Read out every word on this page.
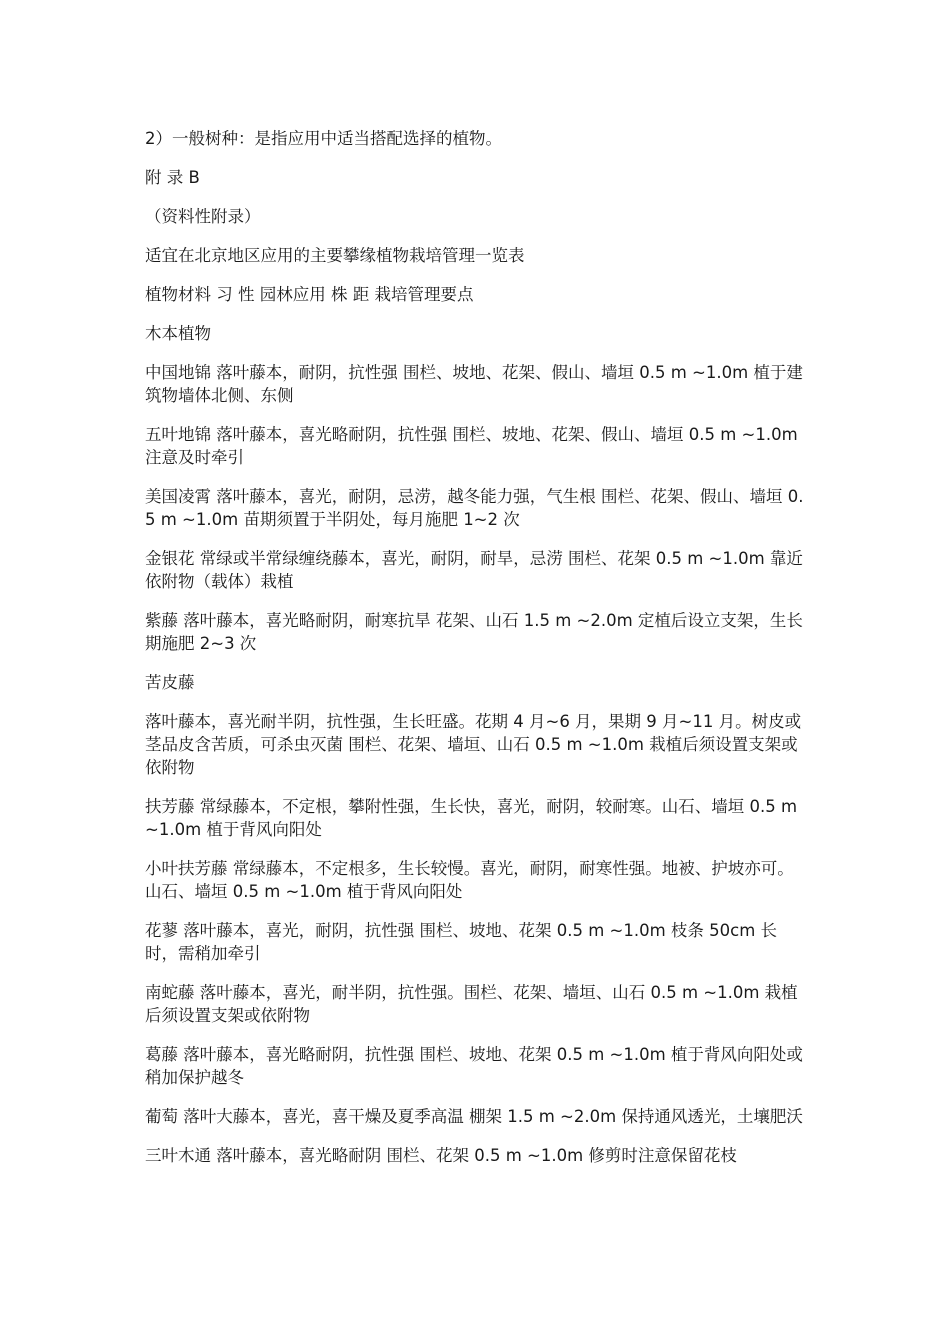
2）一般树种：是指应用中适当搭配选择的植物。

附 录 B

（资料性附录）

适宜在北京地区应用的主要攀缘植物栽培管理一览表

植物材料 习 性 园林应用 株 距 栽培管理要点

木本植物

中国地锦 落叶藤本，耐阴，抗性强 围栏、坡地、花架、假山、墙垣 0.5 m ~1.0m 植于建筑物墙体北侧、东侧

五叶地锦 落叶藤本，喜光略耐阴，抗性强 围栏、坡地、花架、假山、墙垣 0.5 m ~1.0m 注意及时牵引

美国凌霄 落叶藤本，喜光，耐阴，忌涝，越冬能力强，气生根 围栏、花架、假山、墙垣 0.5 m ~1.0m 苗期须置于半阴处，每月施肥 1~2 次

金银花 常绿或半常绿缠绕藤本，喜光，耐阴，耐旱，忌涝 围栏、花架 0.5 m ~1.0m 靠近依附物（载体）栽植

紫藤 落叶藤本，喜光略耐阴，耐寒抗旱 花架、山石 1.5 m ~2.0m 定植后设立支架，生长期施肥 2~3 次

苦皮藤

落叶藤本，喜光耐半阴，抗性强，生长旺盛。花期 4 月~6 月，果期 9 月~11 月。树皮或茎品皮含苦质，可杀虫灭菌 围栏、花架、墙垣、山石 0.5 m ~1.0m 栽植后须设置支架或依附物

扶芳藤 常绿藤本，不定根，攀附性强，生长快，喜光，耐阴，较耐寒。山石、墙垣 0.5 m ~1.0m 植于背风向阳处

小叶扶芳藤 常绿藤本，不定根多，生长较慢。喜光，耐阴，耐寒性强。地被、护坡亦可。山石、墙垣 0.5 m ~1.0m 植于背风向阳处

花蓼 落叶藤本，喜光，耐阴，抗性强 围栏、坡地、花架 0.5 m ~1.0m 枝条 50cm 长时，需稍加牵引

南蛇藤 落叶藤本，喜光，耐半阴，抗性强。围栏、花架、墙垣、山石 0.5 m ~1.0m 栽植后须设置支架或依附物

葛藤 落叶藤本，喜光略耐阴，抗性强 围栏、坡地、花架 0.5 m ~1.0m 植于背风向阳处或稍加保护越冬

葡萄 落叶大藤本，喜光，喜干燥及夏季高温 棚架 1.5 m ~2.0m 保持通风透光，土壤肥沃

三叶木通 落叶藤本，喜光略耐阴 围栏、花架 0.5 m ~1.0m 修剪时注意保留花枝
